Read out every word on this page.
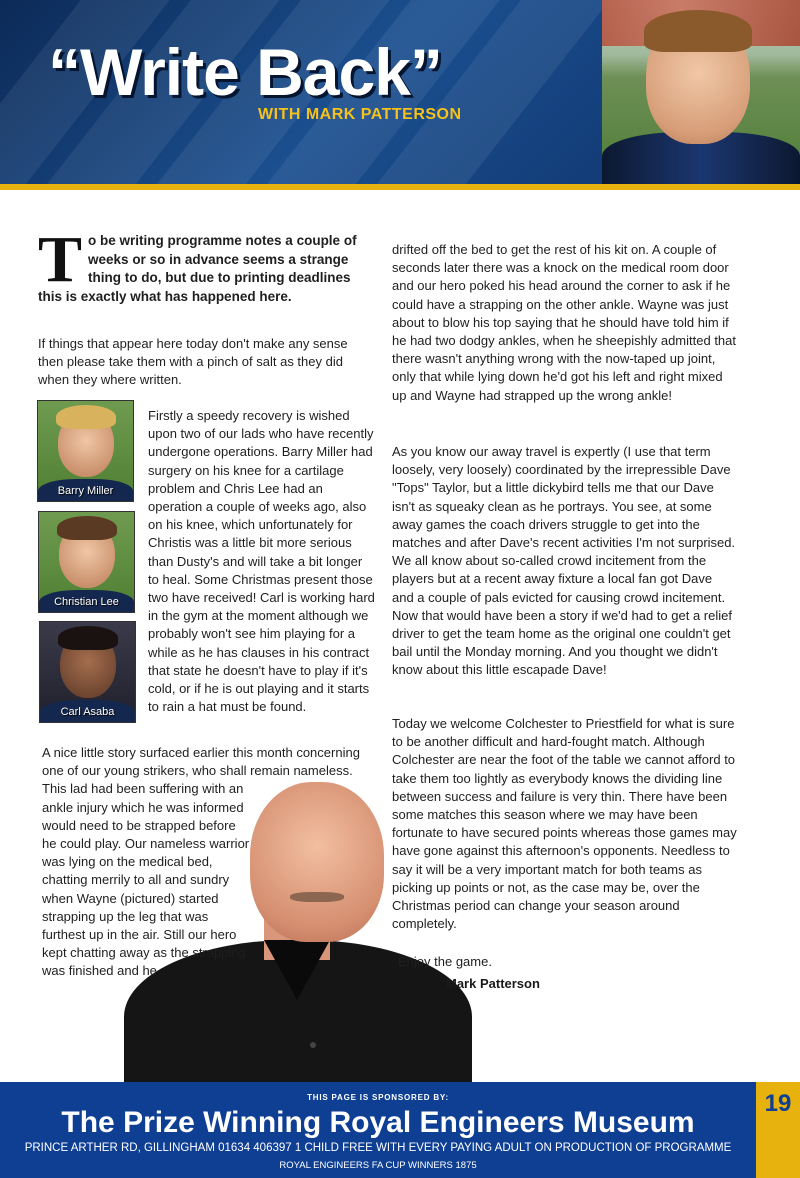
“Write Back”
WITH MARK PATTERSON
T o be writing programme notes a couple of weeks or so in advance seems a strange thing to do, but due to printing deadlines this is exactly what has happened here.

If things that appear here today don't make any sense then please take them with a pinch of salt as they did when they where written.

Barry Miller
Christian Lee
Carl Asaba

Firstly a speedy recovery is wished upon two of our lads who have recently undergone operations. Barry Miller had surgery on his knee for a cartilage problem and Chris Lee had an operation a couple of weeks ago, also on his knee, which unfortunately for Christis was a little bit more serious than Dusty's and will take a bit longer to heal. Some Christmas present those two have received! Carl is working hard in the gym at the moment although we probably won't see him playing for a while as he has clauses in his contract that state he doesn't have to play if it's cold, or if he is out playing and it starts to rain a hat must be found.

A nice little story surfaced earlier this month concerning one of our young strikers, who shall remain nameless.
This lad had been suffering with an ankle injury which he was informed would need to be strapped before he could play. Our nameless warrior was lying on the medical bed, chatting merrily to all and sundry when Wayne (pictured) started strapping up the leg that was furthest up in the air. Still our hero kept chatting away as the strapping was finished and he

drifted off the bed to get the rest of his kit on. A couple of seconds later there was a knock on the medical room door and our hero poked his head around the corner to ask if he could have a strapping on the other ankle. Wayne was just about to blow his top saying that he should have told him if he had two dodgy ankles, when he sheepishly admitted that there wasn't anything wrong with the now-taped up joint, only that while lying down he'd got his left and right mixed up and Wayne had strapped up the wrong ankle!

As you know our away travel is expertly (I use that term loosely, very loosely) coordinated by the irrepressible Dave "Tops" Taylor, but a little dickybird tells me that our Dave isn't as squeaky clean as he portrays. You see, at some away games the coach drivers struggle to get into the matches and after Dave's recent activities I'm not surprised. We all know about so-called crowd incitement from the players but at a recent away fixture a local fan got Dave and a couple of pals evicted for causing crowd incitement. Now that would have been a story if we'd had to get a relief driver to get the team home as the original one couldn't get bail until the Monday morning. And you thought we didn't know about this little escapade Dave!

Today we welcome Colchester to Priestfield for what is sure to be another difficult and hard-fought match. Although Colchester are near the foot of the table we cannot afford to take them too lightly as everybody knows the dividing line between success and failure is very thin. There have been some matches this season where we may have been fortunate to have secured points whereas those games may have gone against this afternoon's opponents. Needless to say it will be a very important match for both teams as picking up points or not, as the case may be, over the Christmas period can change your season around completely.

Enjoy the game.

Mark Patterson
THIS PAGE IS SPONSORED BY:
The Prize Winning Royal Engineers Museum
PRINCE ARTHER RD, GILLINGHAM 01634 406397 1 CHILD FREE WITH EVERY PAYING ADULT ON PRODUCTION OF PROGRAMME
ROYAL ENGINEERS FA CUP WINNERS 1875
19
